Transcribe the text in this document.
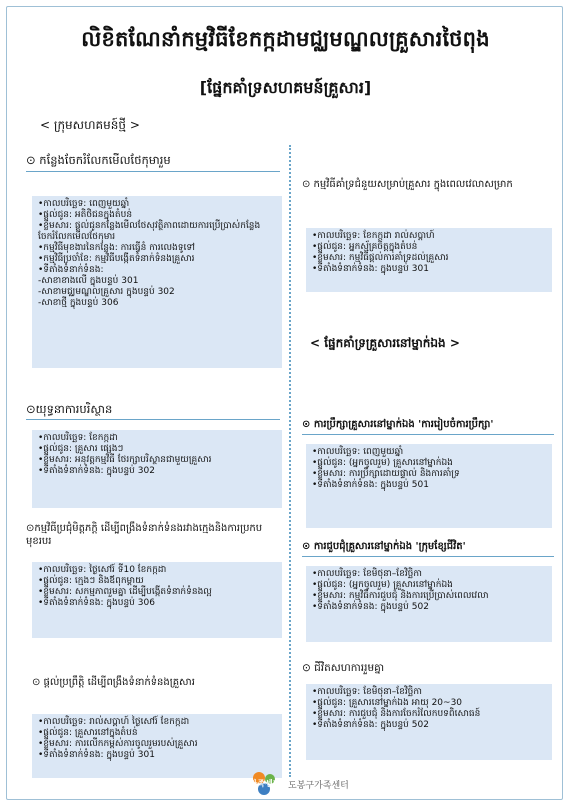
លិខិតណែនាំកម្មវិធីខែកក្កដាមជ្ឈមណ្ឌលគ្រួសារថៃពុង
[ផ្នែកគាំទ្រសហគមន៍គ្រួសារ]
< ក្រុមសហគមន៍ថ្មី >
⊙ កន្លែងចែករំលែកមើលថែកុមារួម
•កាលបរិច្ឆេទ: ពេញមួយឆ្នាំ
•ផ្ដល់ជូន: អតិថិជនក្នុងតំបន់
•ខ្លឹមសារ: ផ្ដល់ជូនកន្លែងមើលថែសុវត្ថិភាពដោយការប្រើប្រាស់កន្លែងចែករំលែកមើលថែកុមារ
•កម្មវិធីមុខងារនៃកន្លែង: ការធ្វើនំ ការលេងទូទៅ
•កម្មវិធីប្រចាំខែ: កម្មវិធីបង្កើតទំនាក់ទំនងគ្រួសារ
•ទីតាំងទំនាក់ទំនង:
-សាខាខាងលើ ក្នុងបន្ទប់ 301
-សាខាមជ្ឈមណ្ឌលគ្រួសារ ក្នុងបន្ទប់ 302
-សាខាថ្មី ក្នុងបន្ទប់ 306
⊙យុទ្ធនាការបរិស្ថាន
•កាលបរិច្ឆេទ: ខែកក្កដា
•ផ្ដល់ជូន: គ្រួសារ ផ្សេងៗ
•ខ្លឹមសារ: អនុវត្តកម្មវិធី ថែរក្សាបរិស្ថានជាមួយគ្រួសារ
•ទីតាំងទំនាក់ទំនង: ក្នុងបន្ទប់ 302
⊙កម្មវិធីប្រជុំមិត្តភក្តិ ដើម្បីពង្រឹងទំនាក់ទំនងរវាងក្មេងនិងការប្រកបមុខរបរ
•កាលបរិច្ឆេទ: ថ្ងៃសៅរ៍ ទី10 ខែកក្កដា
•ផ្ដល់ជូន: ក្មេងៗ និងឪពុកម្ដាយ
•ខ្លឹមសារ: សកម្មភាពរួមគ្នា ដើម្បីបង្កើតទំនាក់ទំនងល្អ
•ទីតាំងទំនាក់ទំនង: ក្នុងបន្ទប់ 306
⊙ ផ្ដល់ប្រព្រឹត្តិ ដើម្បីពង្រឹងទំនាក់ទំនងគ្រួសារ
•កាលបរិច្ឆេទ: រាល់សប្ដាហ៍ ថ្ងៃសៅរ៍ ខែកក្កដា
•ផ្ដល់ជូន: គ្រួសារនៅក្នុងតំបន់
•ខ្លឹមសារ: ការលើកកម្ពស់ការចូលរួមរបស់គ្រួសារ
•ទីតាំងទំនាក់ទំនង: ក្នុងបន្ទប់ 301
⊙ កម្មវិធីគាំទ្រជំនួយសម្រាប់គ្រួសារ ក្នុងពេលវេលាសម្រាក
•កាលបរិច្ឆេទ: ខែកក្កដា រាល់សប្ដាហ៍
•ផ្ដល់ជូន: អ្នកស្ម័គ្រចិត្តក្នុងតំបន់
•ខ្លឹមសារ: កម្មវិធីផ្ដល់ការគាំទ្រដល់គ្រួសារ
•ទីតាំងទំនាក់ទំនង: ក្នុងបន្ទប់ 301
< ផ្នែកគាំទ្រគ្រួសារនៅម្នាក់ឯង >
⊙ ការប្រឹក្សាគ្រួសារនៅម្នាក់ឯង 'ការរៀបចំការប្រឹក្សា'
•កាលបរិច្ឆេទ: ពេញមួយឆ្នាំ
•ផ្ដល់ជូន: (អ្នកចូលរួម) គ្រួសារនៅម្នាក់ឯង
•ខ្លឹមសារ: ការប្រឹក្សាដោយផ្ទាល់ និងការគាំទ្រ
•ទីតាំងទំនាក់ទំនង: ក្នុងបន្ទប់ 501
⊙ ការជួបជុំគ្រួសារនៅម្នាក់ឯង 'ក្រុមខ្សែជីវិត'
•កាលបរិច្ឆេទ: ខែមិថុនា–ខែវិច្ឆិកា
•ផ្ដល់ជូន: (អ្នកចូលរួម) គ្រួសារនៅម្នាក់ឯង
•ខ្លឹមសារ: កម្មវិធីការជួបជុំ និងការប្រើប្រាស់ពេលវេលា
•ទីតាំងទំនាក់ទំនង: ក្នុងបន្ទប់ 502
⊙ ជីវិតសហការរួមគ្នា
•កាលបរិច្ឆេទ: ខែមិថុនា–ខែវិច្ឆិកា
•ផ្ដល់ជូន: គ្រួសារនៅម្នាក់ឯង អាយុ 20~30
•ខ្លឹមសារ: ការជួបជុំ និងការចែករំលែកបទពិសោធន៍
•ទីតាំងទំនាក់ទំនង: ក្នុងបន្ទប់ 502
가족센터 도봉구가족센터
